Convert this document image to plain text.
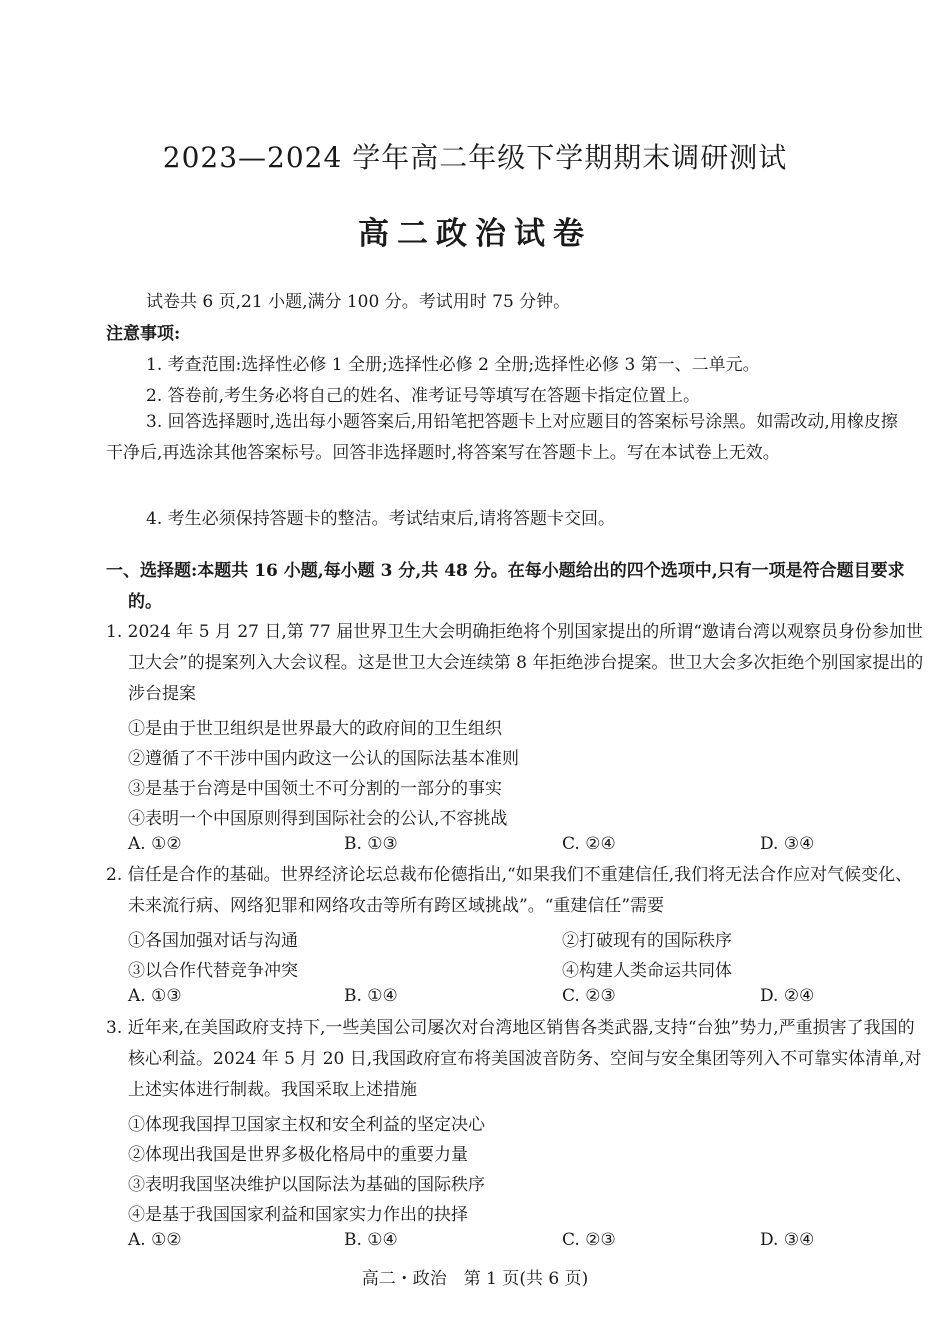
2023—2024 学年高二年级下学期期末调研测试
高二政治试卷
试卷共 6 页,21 小题,满分 100 分。考试用时 75 分钟。
注意事项:
1. 考查范围:选择性必修 1 全册;选择性必修 2 全册;选择性必修 3 第一、二单元。
2. 答卷前,考生务必将自己的姓名、准考证号等填写在答题卡指定位置上。
3. 回答选择题时,选出每小题答案后,用铅笔把答题卡上对应题目的答案标号涂黑。如需改动,用橡皮擦干净后,再选涂其他答案标号。回答非选择题时,将答案写在答题卡上。写在本试卷上无效。
4. 考生必须保持答题卡的整洁。考试结束后,请将答题卡交回。
一、选择题:本题共 16 小题,每小题 3 分,共 48 分。在每小题给出的四个选项中,只有一项是符合题目要求的。
1. 2024 年 5 月 27 日,第 77 届世界卫生大会明确拒绝将个别国家提出的所谓“邀请台湾以观察员身份参加世卫大会”的提案列入大会议程。这是世卫大会连续第 8 年拒绝涉台提案。世卫大会多次拒绝个别国家提出的涉台提案
①是由于世卫组织是世界最大的政府间的卫生组织
②遵循了不干涉中国内政这一公认的国际法基本准则
③是基于台湾是中国领土不可分割的一部分的事实
④表明一个中国原则得到国际社会的公认,不容挑战
A. ①②	B. ①③	C. ②④	D. ③④
2. 信任是合作的基础。世界经济论坛总裁布伦德指出,“如果我们不重建信任,我们将无法合作应对气候变化、未来流行病、网络犯罪和网络攻击等所有跨区域挑战”。“重建信任”需要
①各国加强对话与沟通	②打破现有的国际秩序
③以合作代替竞争冲突	④构建人类命运共同体
A. ①③	B. ①④	C. ②③	D. ②④
3. 近年来,在美国政府支持下,一些美国公司屡次对台湾地区销售各类武器,支持“台独”势力,严重损害了我国的核心利益。2024 年 5 月 20 日,我国政府宣布将美国波音防务、空间与安全集团等列入不可靠实体清单,对上述实体进行制裁。我国采取上述措施
①体现我国捍卫国家主权和安全利益的坚定决心
②体现出我国是世界多极化格局中的重要力量
③表明我国坚决维护以国际法为基础的国际秩序
④是基于我国国家利益和国家实力作出的抉择
A. ①②	B. ①④	C. ②③	D. ③④
高二・政治　第 1 页(共 6 页)
